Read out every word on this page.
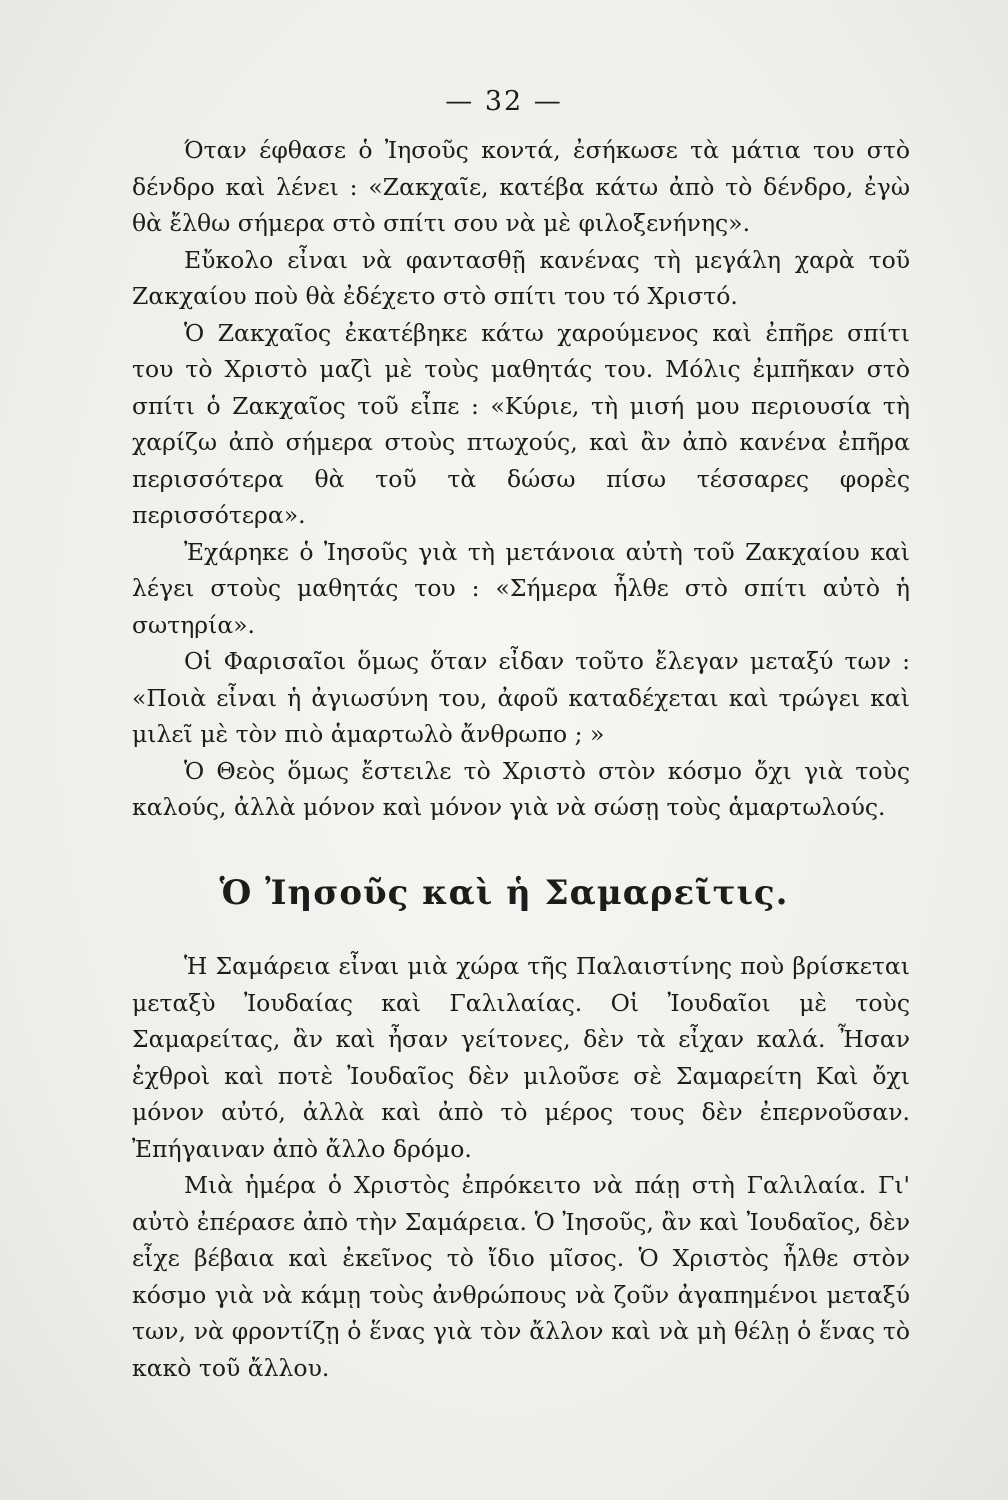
— 32 —

Όταν έφθασε ὁ Ἰησοῦς κοντά, ἐσήκωσε τὰ μάτια του στὸ δένδρο καὶ λένει : «Ζακχαῖε, κατέβα κάτω ἀπὸ τὸ δένδρο, ἐγὼ θὰ ἔλθω σήμερα στὸ σπίτι σου νὰ μὲ φιλοξενήνης».

Εὔκολο εἶναι νὰ φαντασθῇ κανένας τὴ μεγάλη χαρὰ τοῦ Ζακχαίου ποὺ θὰ ἐδέχετο στὸ σπίτι του τό Χριστό.

Ὁ Ζακχαῖος ἐκατέβηκε κάτω χαρούμενος καὶ ἐπῆρε σπίτι του τὸ Χριστὸ μαζὶ μὲ τοὺς μαθητάς του. Μόλις ἐμπῆκαν στὸ σπίτι ὁ Ζακχαῖος τοῦ εἶπε : «Κύριε, τὴ μισή μου περιουσία τὴ χαρίζω ἀπὸ σήμερα στοὺς πτωχούς, καὶ ἂν ἀπὸ κανένα ἐπῆρα περισσότερα θὰ τοῦ τὰ δώσω πίσω τέσσαρες φορὲς περισσότερα».

Ἐχάρηκε ὁ Ἰησοῦς γιὰ τὴ μετάνοια αὐτὴ τοῦ Ζακχαίου καὶ λέγει στοὺς μαθητάς του : «Σήμερα ἦλθε στὸ σπίτι αὐτὸ ἡ σωτηρία».

Οἱ Φαρισαῖοι ὅμως ὅταν εἶδαν τοῦτο ἔλεγαν μεταξύ των : «Ποιὰ εἶναι ἡ ἀγιωσύνη του, ἀφοῦ καταδέχεται καὶ τρώγει καὶ μιλεῖ μὲ τὸν πιὸ ἁμαρτωλὸ ἄνθρωπο ; »

Ὁ Θεὸς ὅμως ἔστειλε τὸ Χριστὸ στὸν κόσμο ὄχι γιὰ τοὺς καλούς, ἀλλὰ μόνον καὶ μόνον γιὰ νὰ σώσῃ τοὺς ἁμαρτωλούς.

Ὁ Ἰησοῦς καὶ ἡ Σαμαρεῖτις.

Ἡ Σαμάρεια εἶναι μιὰ χώρα τῆς Παλαιστίνης ποὺ βρίσκεται μεταξὺ Ἰουδαίας καὶ Γαλιλαίας. Οἱ Ἰουδαῖοι μὲ τοὺς Σαμαρείτας, ἂν καὶ ἦσαν γείτονες, δὲν τὰ εἶχαν καλά. Ἦσαν ἐχθροὶ καὶ ποτὲ Ἰουδαῖος δὲν μιλοῦσε σὲ Σαμαρείτη Καὶ ὄχι μόνον αὐτό, ἀλλὰ καὶ ἀπὸ τὸ μέρος τους δὲν ἐπερνοῦσαν. Ἐπήγαιναν ἀπὸ ἄλλο δρόμο.

Μιὰ ἡμέρα ὁ Χριστὸς ἐπρόκειτο νὰ πάῃ στὴ Γαλιλαία. Γι' αὐτὸ ἐπέρασε ἀπὸ τὴν Σαμάρεια. Ὁ Ἰησοῦς, ἂν καὶ Ἰουδαῖος, δὲν εἶχε βέβαια καὶ ἐκεῖνος τὸ ἴδιο μῖσος. Ὁ Χριστὸς ἦλθε στὸν κόσμο γιὰ νὰ κάμῃ τοὺς ἀνθρώπους νὰ ζοῦν ἀγαπημένοι μεταξύ των, νὰ φροντίζῃ ὁ ἕνας γιὰ τὸν ἄλλον καὶ νὰ μὴ θέλῃ ὁ ἕνας τὸ κακὸ τοῦ ἄλλου.
